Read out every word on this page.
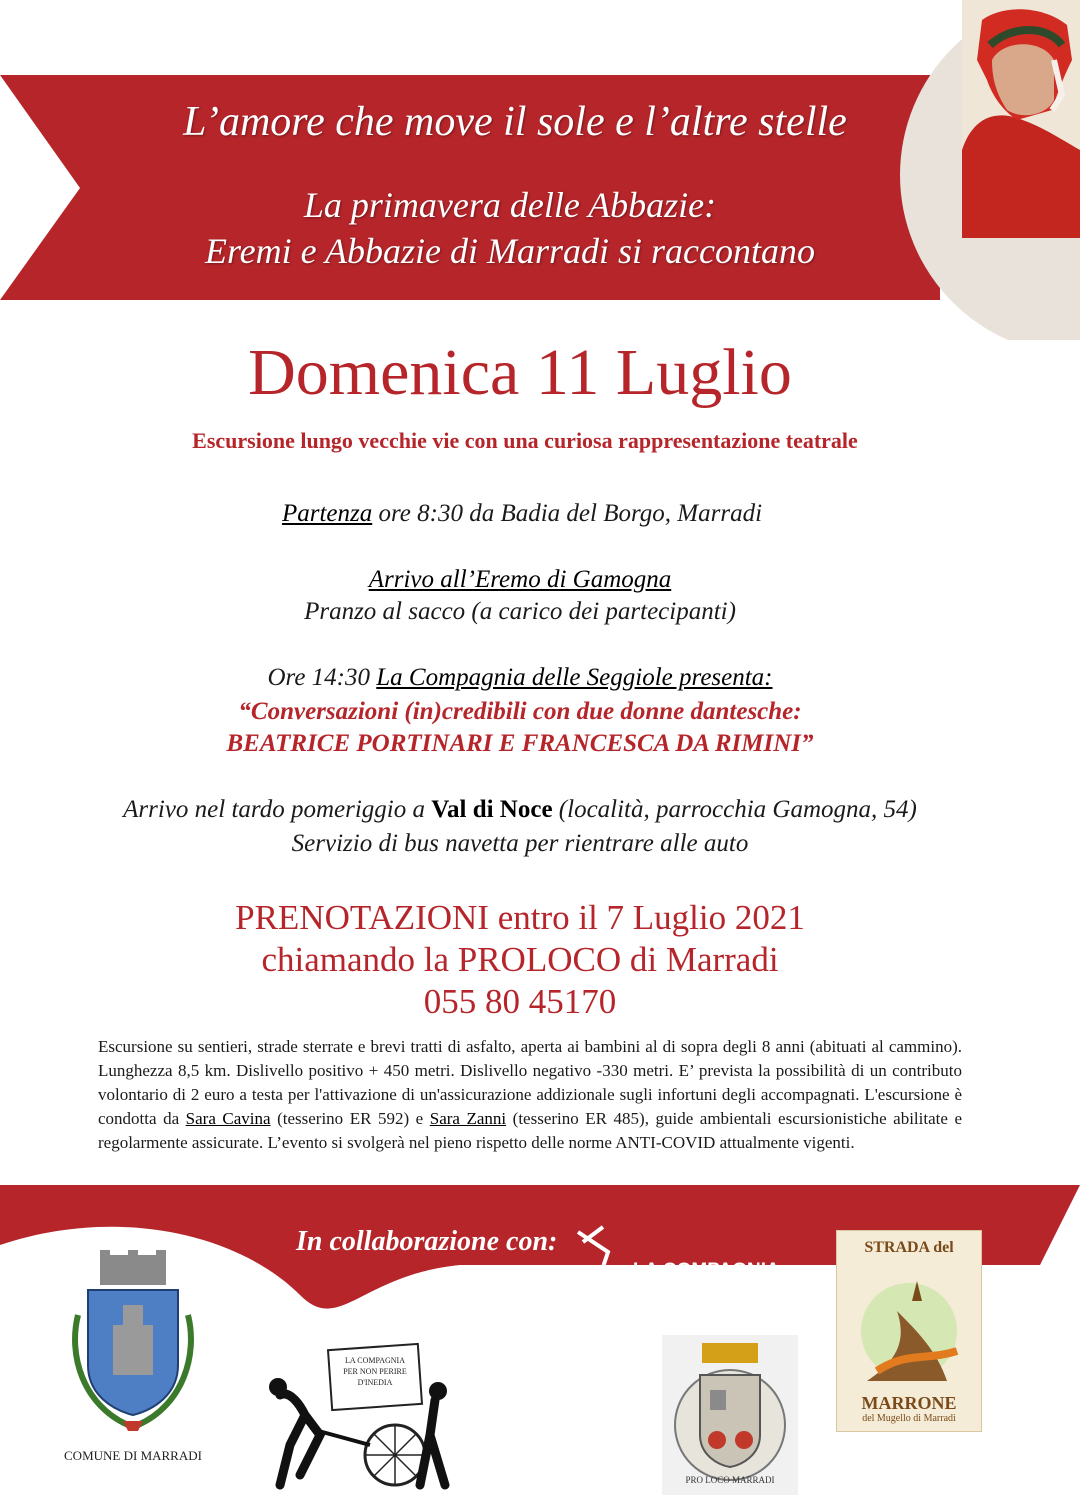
L’amore che move il sole e l’altre stelle
La primavera delle Abbazie:
Eremi e Abbazie di Marradi si raccontano
Domenica 11 Luglio
Escursione lungo vecchie vie con una curiosa rappresentazione teatrale
Partenza ore 8:30 da Badia del Borgo, Marradi
Arrivo all’Eremo di Gamogna
Pranzo al sacco (a carico dei partecipanti)
Ore 14:30 La Compagnia delle Seggiole presenta:
“Conversazioni (in)credibili con due donne dantesche:
BEATRICE PORTINARI E FRANCESCA DA RIMINI”
Arrivo nel tardo pomeriggio a Val di Noce (località, parrocchia Gamogna, 54)
Servizio di bus navetta per rientrare alle auto
PRENOTAZIONI entro il 7 Luglio 2021
chiamando la PROLOCO di Marradi
055 80 45170
Escursione su sentieri, strade sterrate e brevi tratti di asfalto, aperta ai bambini al di sopra degli 8 anni (abituati al cammino). Lunghezza 8,5 km. Dislivello positivo + 450 metri. Dislivello negativo -330 metri. E’ prevista la possibilità di un contributo volontario di 2 euro a testa per l'attivazione di un'assicurazione addizionale sugli infortuni degli accompagnati. L'escursione è condotta da Sara Cavina (tesserino ER 592) e Sara Zanni (tesserino ER 485), guide ambientali escursionistiche abilitate e regolarmente assicurate. L’evento si svolgerà nel pieno rispetto delle norme ANTI-COVID attualmente vigenti.
In collaborazione con:
COMUNE DI MARRADI
LA COMPAGNIA PER NON PERIRE D'INEDIA
LA COMPAGNIA
DELLE SEGGIOLE
TEATRO DAL 1999
PRO LOCO MARRADI
STRADA del
MARRONE
del Mugello di Marradi
